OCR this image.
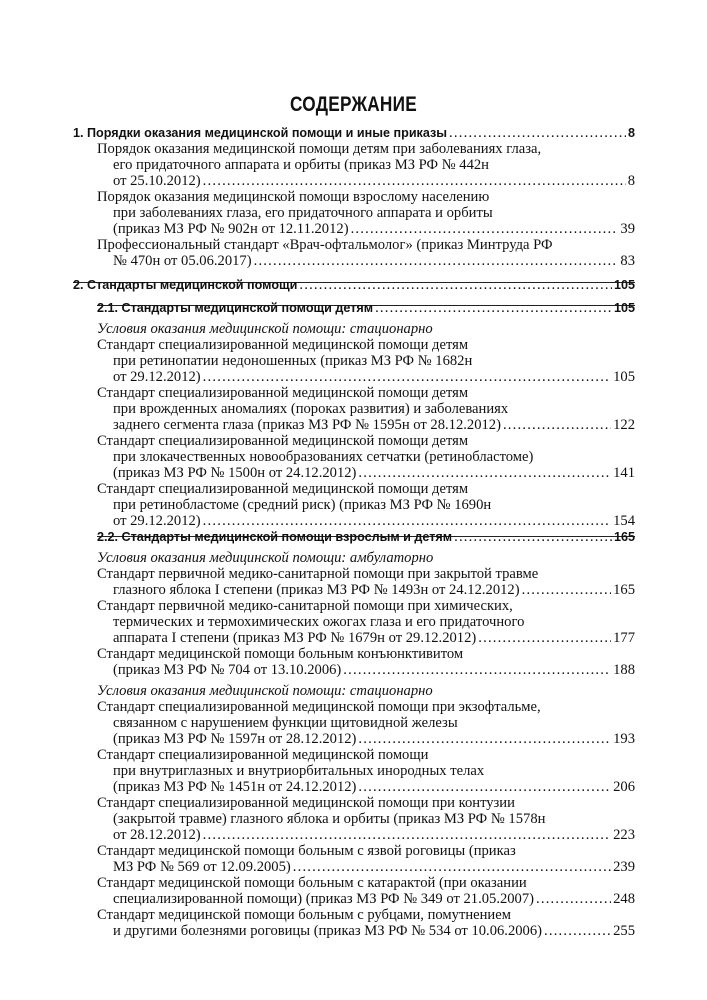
СОДЕРЖАНИЕ
1. Порядки оказания медицинской помощи и иные приказы .....	8
Порядок оказания медицинской помощи детям при заболеваниях глаза,
его придаточного аппарата и орбиты (приказ МЗ РФ № 442н
от 25.10.2012) .....	8
Порядок оказания медицинской помощи взрослому населению
при заболеваниях глаза, его придаточного аппарата и орбиты
(приказ МЗ РФ № 902н от 12.11.2012) .....	39
Профессиональный стандарт «Врач-офтальмолог» (приказ Минтруда РФ
№ 470н от 05.06.2017) .....	83
2. Стандарты медицинской помощи .....	105
2.1. Стандарты медицинской помощи детям .....	105
Условия оказания медицинской помощи: стационарно
Стандарт специализированной медицинской помощи детям
при ретинопатии недоношенных (приказ МЗ РФ № 1682н
от 29.12.2012) .....	105
Стандарт специализированной медицинской помощи детям
при врожденных аномалиях (пороках развития) и заболеваниях
заднего сегмента глаза (приказ МЗ РФ № 1595н от 28.12.2012) .....	122
Стандарт специализированной медицинской помощи детям
при злокачественных новообразованиях сетчатки (ретинобластоме)
(приказ МЗ РФ № 1500н от 24.12.2012) .....	141
Стандарт специализированной медицинской помощи детям
при ретинобластоме (средний риск) (приказ МЗ РФ № 1690н
от 29.12.2012) .....	154
2.2. Стандарты медицинской помощи взрослым и детям .....	165
Условия оказания медицинской помощи: амбулаторно
Стандарт первичной медико-санитарной помощи при закрытой травме
глазного яблока I степени (приказ МЗ РФ № 1493н от 24.12.2012) .....	165
Стандарт первичной медико-санитарной помощи при химических,
термических и термохимических ожогах глаза и его придаточного
аппарата I степени (приказ МЗ РФ № 1679н от 29.12.2012) .....	177
Стандарт медицинской помощи больным конъюнктивитом
(приказ МЗ РФ № 704 от 13.10.2006) .....	188
Условия оказания медицинской помощи: стационарно
Стандарт специализированной медицинской помощи при экзофтальме,
связанном с нарушением функции щитовидной железы
(приказ МЗ РФ № 1597н от 28.12.2012) .....	193
Стандарт специализированной медицинской помощи
при внутриглазных и внутриорбитальных инородных телах
(приказ МЗ РФ № 1451н от 24.12.2012) .....	206
Стандарт специализированной медицинской помощи при контузии
(закрытой травме) глазного яблока и орбиты (приказ МЗ РФ № 1578н
от 28.12.2012) .....	223
Стандарт медицинской помощи больным с язвой роговицы (приказ
МЗ РФ № 569 от 12.09.2005) .....	239
Стандарт медицинской помощи больным с катарактой (при оказании
специализированной помощи) (приказ МЗ РФ № 349 от 21.05.2007) .....	248
Стандарт медицинской помощи больным с рубцами, помутнением
и другими болезнями роговицы (приказ МЗ РФ № 534 от 10.06.2006) .....	255
